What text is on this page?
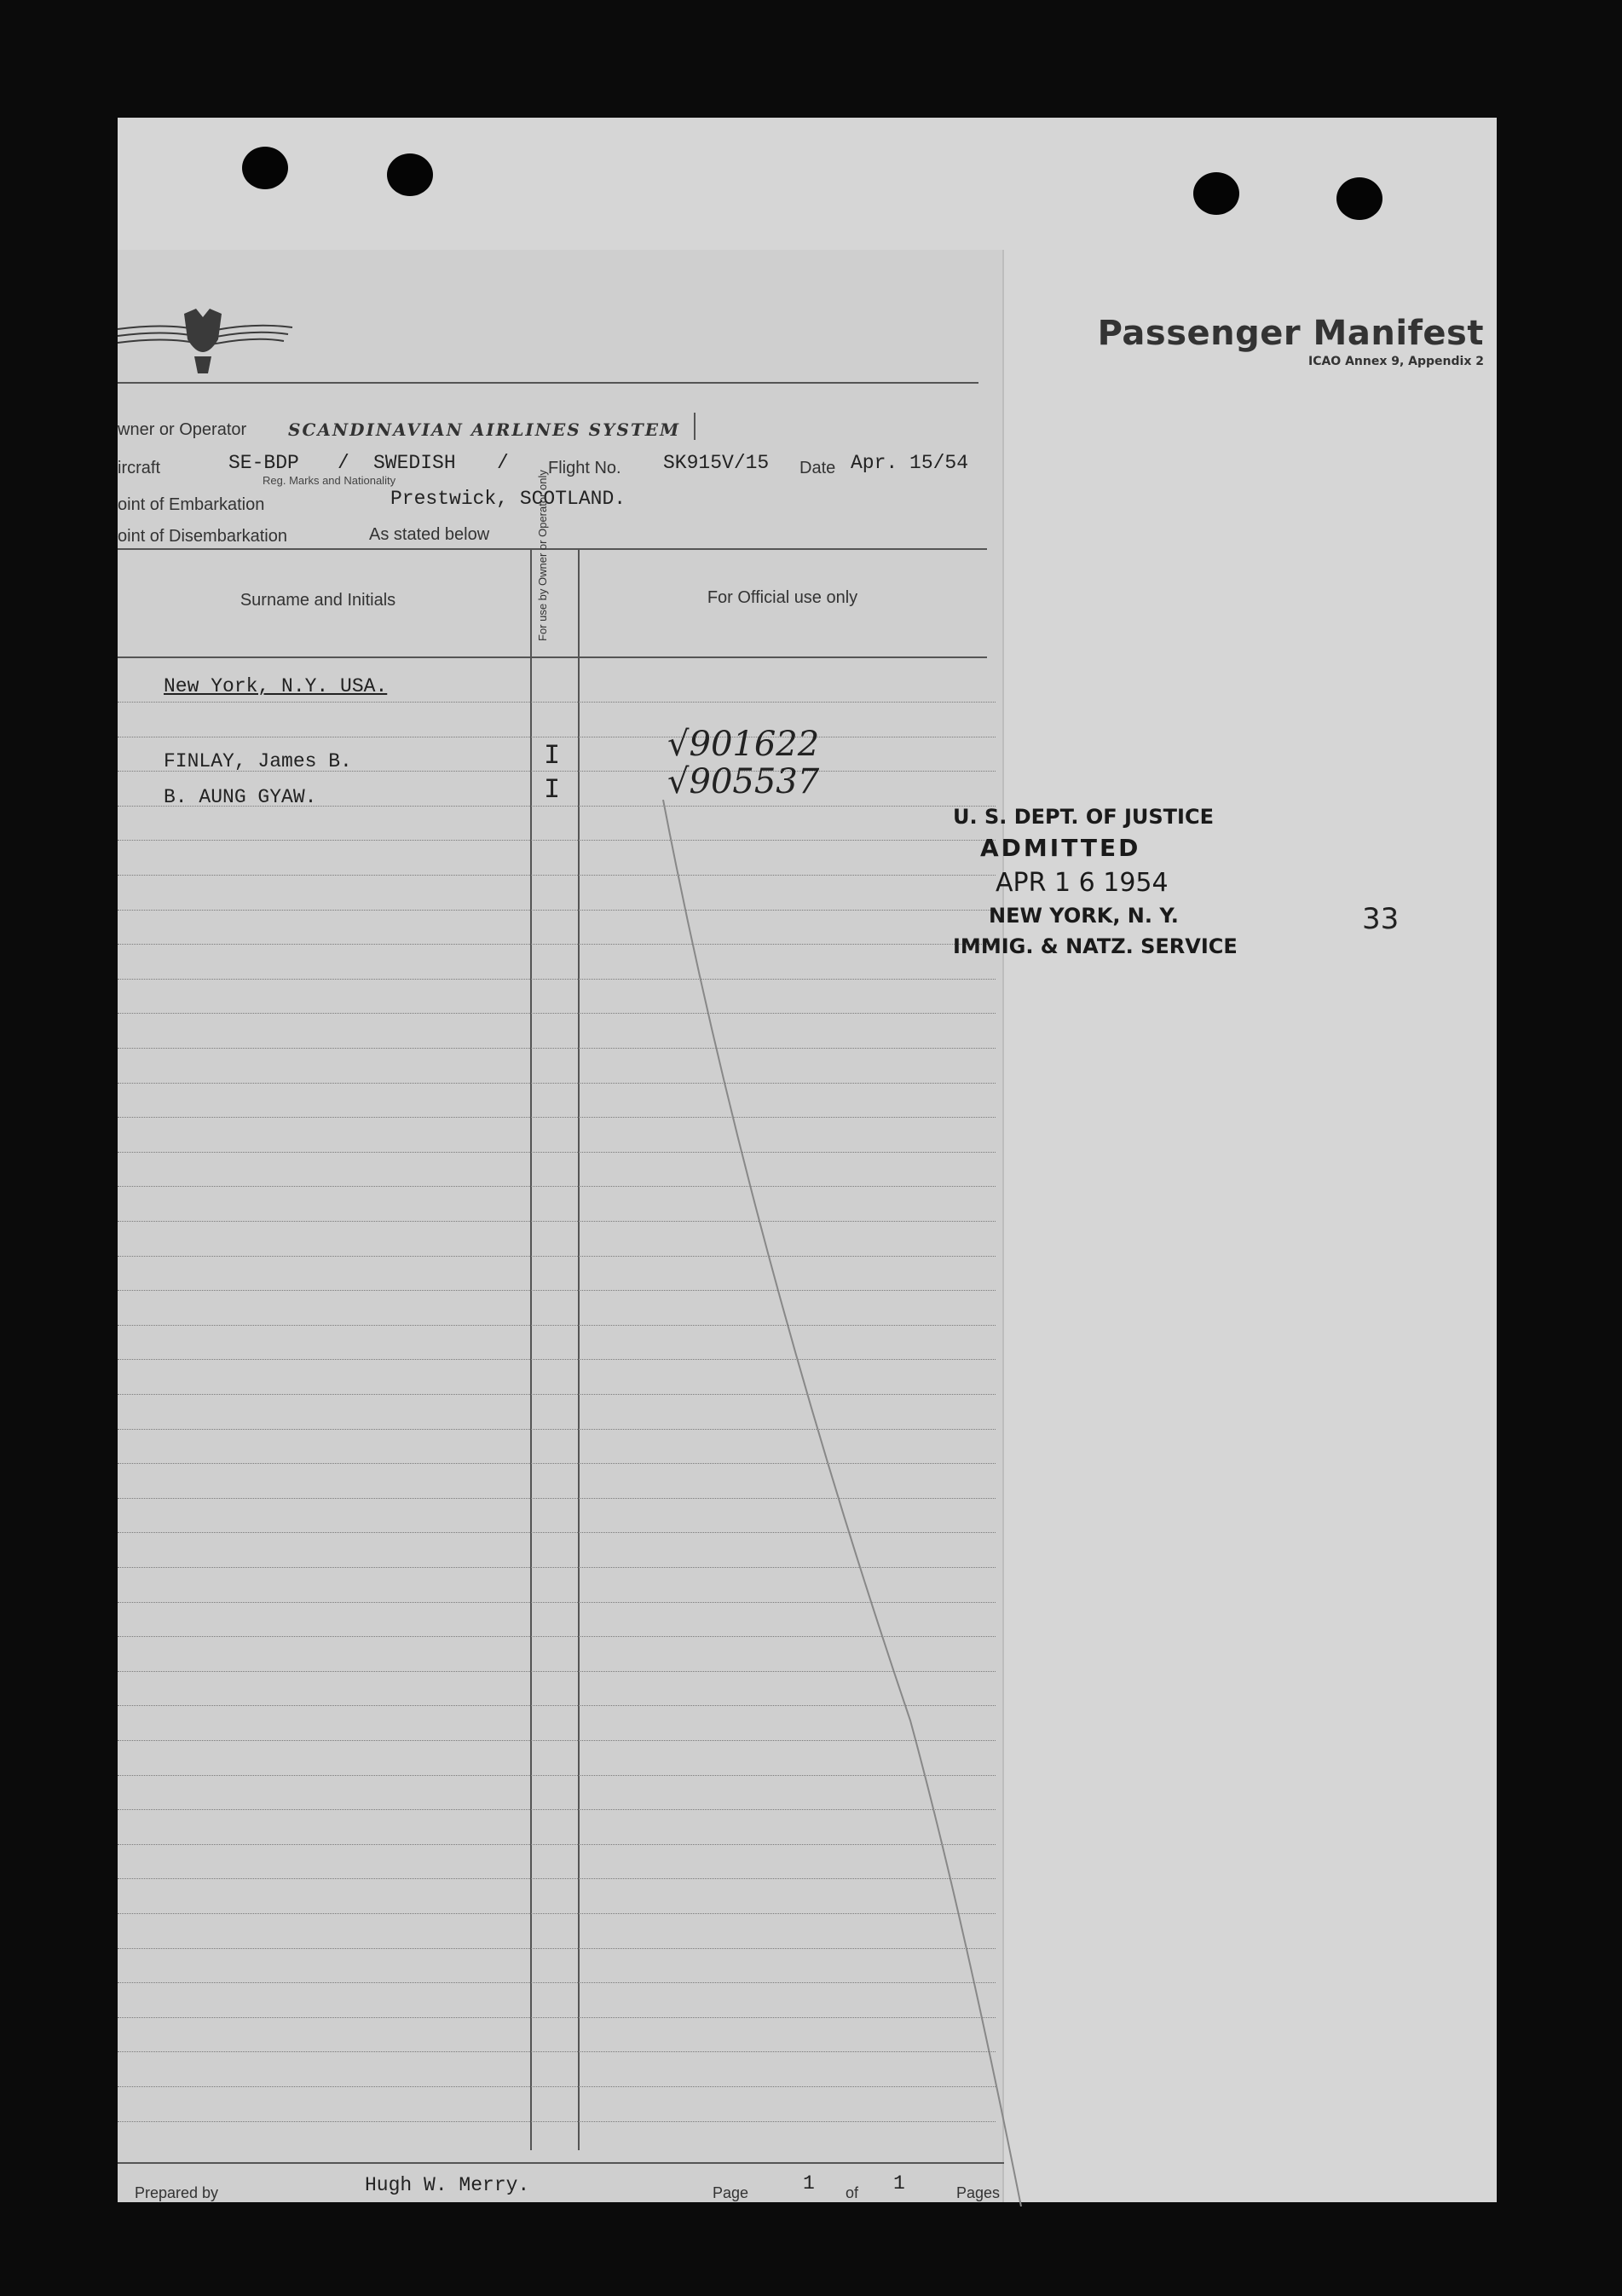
Passenger Manifest
ICAO Annex 9, Appendix 2
wner or Operator SCANDINAVIAN AIRLINES SYSTEM
ircraft	SE-BDP / SWEDISH /
Reg. Marks and Nationality
Flight No. SK915V/15 Date Apr. 15/54
oint of Embarkation	Prestwick, SCOTLAND.
oint of Disembarkation	As stated below
Surname and Initials	For use by Owner or Operator only	For Official use only
New York, N.Y. USA.
FINLAY, James B.	I	√901622
B. AUNG GYAW.	I	√905537
U. S. DEPT. OF JUSTICE
ADMITTED
APR 1 6 1954
NEW YORK, N. Y.
IMMIG. & NATZ. SERVICE
33
Prepared by	Hugh W. Merry.	Page	1 of 1	Pages
